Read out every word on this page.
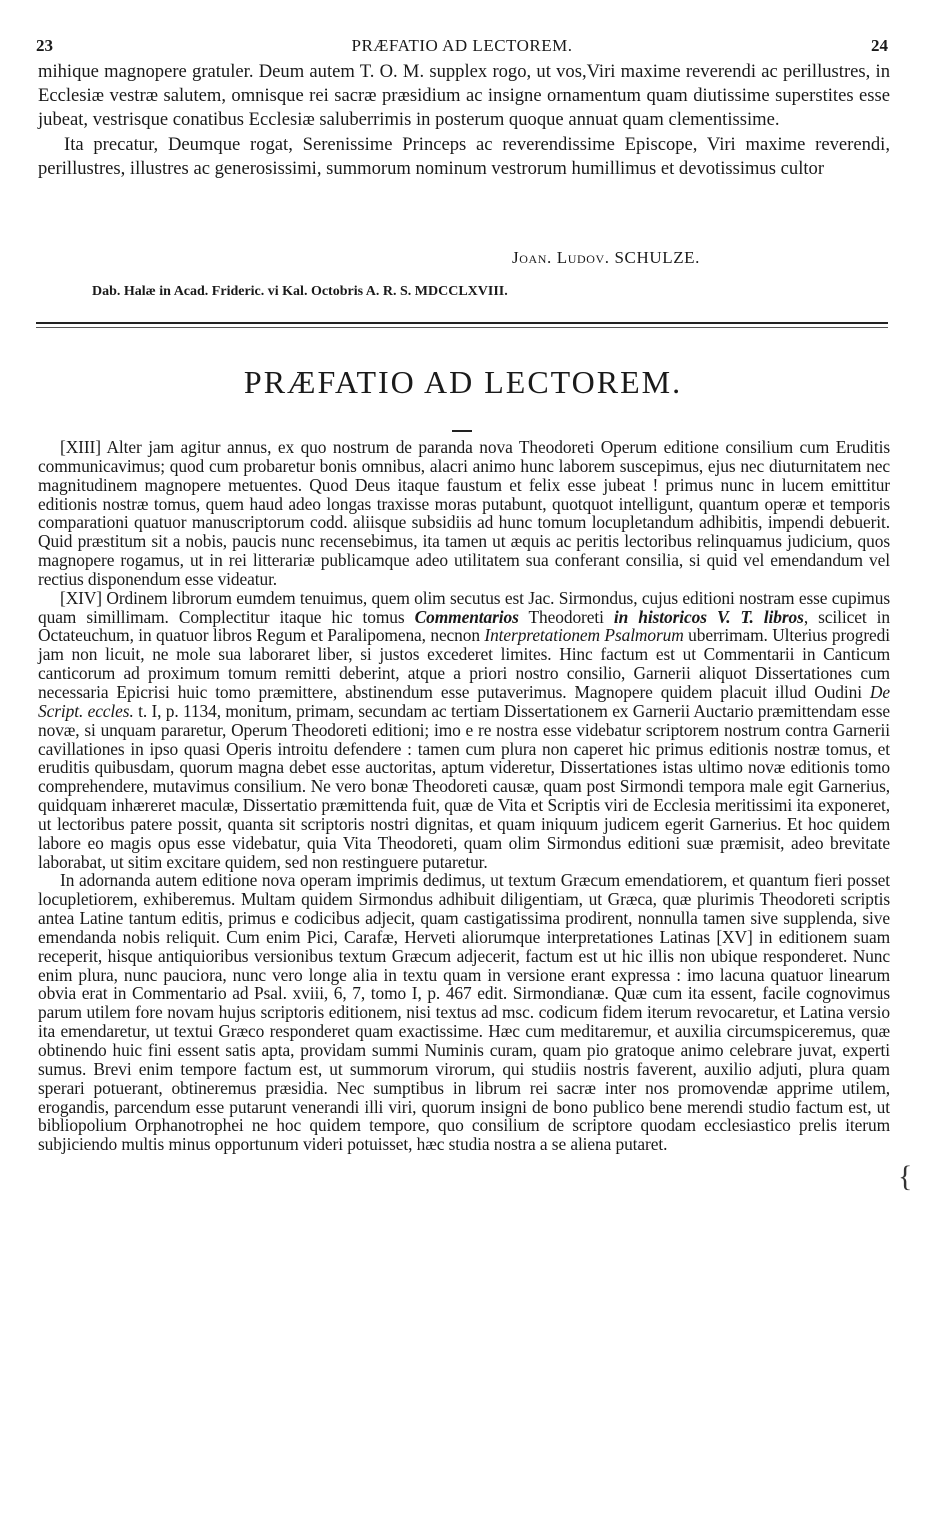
23	PRÆFATIO AD LECTOREM.	24

mihique magnopere gratuler. Deum autem T. O. M. supplex rogo, ut vos,Viri maxime reverendi ac perillustres, in Ecclesiæ vestræ salutem, omnisque rei sacræ præsidium ac insigne ornamentum quam diutissime superstites esse jubeat, vestrisque conatibus Ecclesiæ saluberrimis in posterum quoque annuat quam clementissime.

Ita precatur, Deumque rogat, Serenissime Princeps ac reverendissime Episcope, Viri maxime reverendi, perillustres, illustres ac generosissimi, summorum nominum vestrorum humillimus et devotissimus cultor

Joan. Ludov. SCHULZE.
Dab. Halæ in Acad. Frideric. vi Kal. Octobris A. R. S. MDCCLXVIII.
PRÆFATIO AD LECTOREM.

[XIII] Alter jam agitur annus, ex quo nostrum de paranda nova Theodoreti Operum editione consilium cum Eruditis communicavimus; quod cum probaretur bonis omnibus, alacri animo hunc laborem suscepimus, ejus nec diuturnitatem nec magnitudinem magnopere metuentes. Quod Deus itaque faustum et felix esse jubeat ! primus nunc in lucem emittitur editionis nostræ tomus, quem haud adeo longas traxisse moras putabunt, quotquot intelligunt, quantum operæ et temporis comparationi quatuor manuscriptorum codd. aliisque subsidiis ad hunc tomum locupletandum adhibitis, impendi debuerit. Quid præstitum sit a nobis, paucis nunc recensebimus, ita tamen ut æquis ac peritis lectoribus relinquamus judicium, quos magnopere rogamus, ut in rei litterariæ publicamque adeo utilitatem sua conferant consilia, si quid vel emendandum vel rectius disponendum esse videatur.

[XIV] Ordinem librorum eumdem tenuimus, quem olim secutus est Jac. Sirmondus, cujus editioni nostram esse cupimus quam simillimam. Complectitur itaque hic tomus Commentarios Theodoreti in historicos V. T. libros, scilicet in Octateuchum, in quatuor libros Regum et Paralipomena, necnon Interpretationem Psalmorum uberrimam. Ulterius progredi jam non licuit, ne mole sua laboraret liber, si justos excederet limites. Hinc factum est ut Commentarii in Canticum canticorum ad proximum tomum remitti deberint, atque a priori nostro consilio, Garnerii aliquot Dissertationes cum necessaria Epicrisi huic tomo præmittere, abstinendum esse putaverimus. Magnopere quidem placuit illud Oudini De Script. eccles. t. I, p. 1134, monitum, primam, secundam ac tertiam Dissertationem ex Garnerii Auctario præmittendam esse novæ, si unquam pararetur, Operum Theodoreti editioni; imo e re nostra esse videbatur scriptorem nostrum contra Garnerii cavillationes in ipso quasi Operis introitu defendere : tamen cum plura non caperet hic primus editionis nostræ tomus, et eruditis quibusdam, quorum magna debet esse auctoritas, aptum videretur, Dissertationes istas ultimo novæ editionis tomo comprehendere, mutavimus consilium. Ne vero bonæ Theodoreti causæ, quam post Sirmondi tempora male egit Garnerius, quidquam inhæreret maculæ, Dissertatio præmittenda fuit, quæ de Vita et Scriptis viri de Ecclesia meritissimi ita exponeret, ut lectoribus patere possit, quanta sit scriptoris nostri dignitas, et quam iniquum judicem egerit Garnerius. Et hoc quidem labore eo magis opus esse videbatur, quia Vita Theodoreti, quam olim Sirmondus editioni suæ præmisit, adeo brevitate laborabat, ut sitim excitare quidem, sed non restinguere putaretur.

In adornanda autem editione nova operam imprimis dedimus, ut textum Græcum emendatiorem, et quantum fieri posset locupletiorem, exhiberemus. Multam quidem Sirmondus adhibuit diligentiam, ut Græca, quæ plurimis Theodoreti scriptis antea Latine tantum editis, primus e codicibus adjecit, quam castigatissima prodirent, nonnulla tamen sive supplenda, sive emendanda nobis reliquit. Cum enim Pici, Carafæ, Herveti aliorumque interpretationes Latinas [XV] in editionem suam receperit, hisque antiquioribus versionibus textum Græcum adjecerit, factum est ut hic illis non ubique responderet. Nunc enim plura, nunc pauciora, nunc vero longe alia in textu quam in versione erant expressa : imo lacuna quatuor linearum obvia erat in Commentario ad Psal. xviii, 6, 7, tomo I, p. 467 edit. Sirmondianæ. Quæ cum ita essent, facile cognovimus parum utilem fore novam hujus scriptoris editionem, nisi textus ad msc. codicum fidem iterum revocaretur, et Latina versio ita emendaretur, ut textui Græco responderet quam exactissime. Hæc cum meditaremur, et auxilia circumspiceremus, quæ obtinendo huic fini essent satis apta, providam summi Numinis curam, quam pio gratoque animo celebrare juvat, experti sumus. Brevi enim tempore factum est, ut summorum virorum, qui studiis nostris faverent, auxilio adjuti, plura quam sperari potuerant, obtineremus præsidia. Nec sumptibus in librum rei sacræ inter nos promovendæ apprime utilem, erogandis, parcendum esse putarunt venerandi illi viri, quorum insigni de bono publico bene merendi studio factum est, ut bibliopolium Orphanotrophei ne hoc quidem tempore, quo consilium de scriptore quodam ecclesiastico prelis iterum subjiciendo multis minus opportunum videri potuisset, hæc studia nostra a se aliena putaret.

{
